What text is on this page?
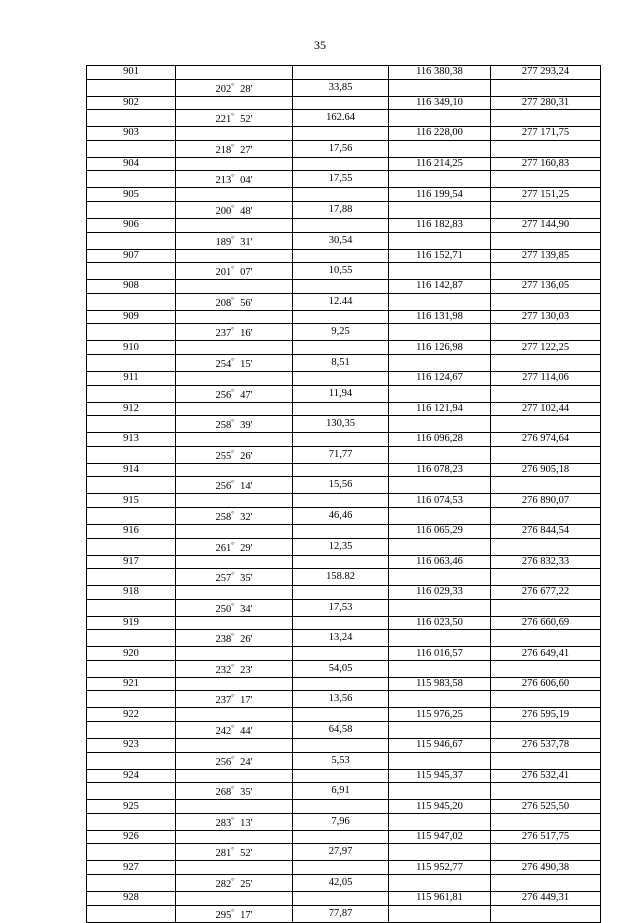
35
901			116 380,38	277 293,24
	202° 28'	33,85		
902			116 349,10	277 280,31
	221° 52'	162.64		
903			116 228,00	277 171,75
	218° 27'	17,56		
904			116 214,25	277 160,83
	213° 04'	17,55		
905			116 199,54	277 151,25
	200° 48'	17,88		
906			116 182,83	277 144,90
	189° 31'	30,54		
907			116 152,71	277 139,85
	201° 07'	10,55		
908			116 142,87	277 136,05
	208° 56'	12.44		
909			116 131,98	277 130,03
	237° 16'	9,25		
910			116 126,98	277 122,25
	254° 15'	8,51		
911			116 124,67	277 114,06
	256° 47'	11,94		
912			116 121,94	277 102,44
	258° 39'	130,35		
913			116 096,28	276 974,64
	255° 26'	71,77		
914			116 078,23	276 905,18
	256° 14'	15,56		
915			116 074,53	276 890,07
	258° 32'	46,46		
916			116 065,29	276 844,54
	261° 29'	12,35		
917			116 063,46	276 832,33
	257° 35'	158.82		
918			116 029,33	276 677,22
	250° 34'	17,53		
919			116 023,50	276 660,69
	238° 26'	13,24		
920			116 016,57	276 649,41
	232° 23'	54,05		
921			115 983,58	276 606,60
	237° 17'	13,56		
922			115 976,25	276 595,19
	242° 44'	64,58		
923			115 946,67	276 537,78
	256° 24'	5,53		
924			115 945,37	276 532,41
	268° 35'	6,91		
925			115 945,20	276 525,50
	283° 13'	7,96		
926			115 947,02	276 517,75
	281° 52'	27,97		
927			115 952,77	276 490,38
	282° 25'	42,05		
928			115 961,81	276 449,31
	295° 17'	77,87		
